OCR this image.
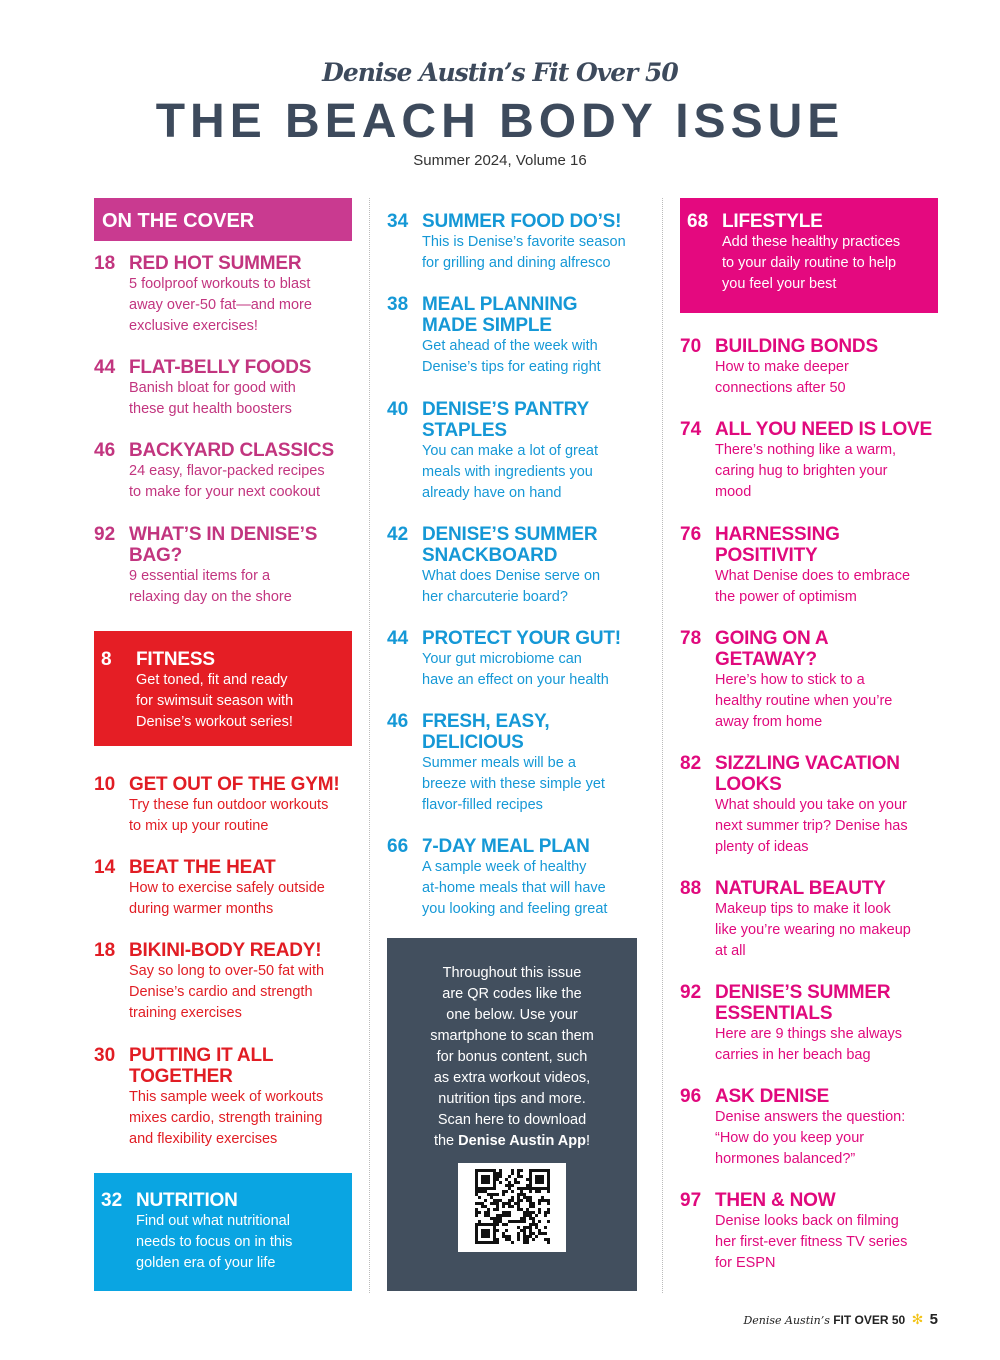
Denise Austin’s Fit Over 50
THE BEACH BODY ISSUE
Summer 2024, Volume 16
ON THE COVER
Throughout this issue
are QR codes like the
one below. Use your
smartphone to scan them
for bonus content, such
as extra workout videos,
nutrition tips and more.
Scan here to download
the Denise Austin App!
18 RED HOT SUMMER
5 foolproof workouts to blast
away over-50 fat—and more
exclusive exercises!
44 FLAT-BELLY FOODS
Banish bloat for good with
these gut health boosters
46 BACKYARD CLASSICS
24 easy, flavor-packed recipes
to make for your next cookout
92 WHAT’S IN DENISE’S
BAG?
9 essential items for a
relaxing day on the shore
8 FITNESS
Get toned, fit and ready
for swimsuit season with
Denise’s workout series!
10 GET OUT OF THE GYM!
Try these fun outdoor workouts
to mix up your routine
14 BEAT THE HEAT
How to exercise safely outside
during warmer months
18 BIKINI-BODY READY!
Say so long to over-50 fat with
Denise’s cardio and strength
training exercises
30 PUTTING IT ALL
TOGETHER
This sample week of workouts
mixes cardio, strength training
and flexibility exercises
32 NUTRITION
Find out what nutritional
needs to focus on in this
golden era of your life
34 SUMMER FOOD DO’S!
This is Denise’s favorite season
for grilling and dining alfresco
38 MEAL PLANNING
MADE SIMPLE
Get ahead of the week with
Denise’s tips for eating right
40 DENISE’S PANTRY
STAPLES
You can make a lot of great
meals with ingredients you
already have on hand
42 DENISE’S SUMMER
SNACKBOARD
What does Denise serve on
her charcuterie board?
44 PROTECT YOUR GUT!
Your gut microbiome can
have an effect on your health
46 FRESH, EASY,
DELICIOUS
Summer meals will be a
breeze with these simple yet
flavor-filled recipes
66 7-DAY MEAL PLAN
A sample week of healthy
at-home meals that will have
you looking and feeling great
68 LIFESTYLE
Add these healthy practices
to your daily routine to help
you feel your best
70 BUILDING BONDS
How to make deeper
connections after 50
74 ALL YOU NEED IS LOVE
There’s nothing like a warm,
caring hug to brighten your
mood
76 HARNESSING
POSITIVITY
What Denise does to embrace
the power of optimism
78 GOING ON A
GETAWAY?
Here’s how to stick to a
healthy routine when you’re
away from home
82 SIZZLING VACATION
LOOKS
What should you take on your
next summer trip? Denise has
plenty of ideas
88 NATURAL BEAUTY
Makeup tips to make it look
like you’re wearing no makeup
at all
92 DENISE’S SUMMER
ESSENTIALS
Here are 9 things she always
carries in her beach bag
96 ASK DENISE
Denise answers the question:
“How do you keep your
hormones balanced?”
97 THEN & NOW
Denise looks back on filming
her first-ever fitness TV series
for ESPN
Denise Austin’s FIT OVER 50 ✻ 5
